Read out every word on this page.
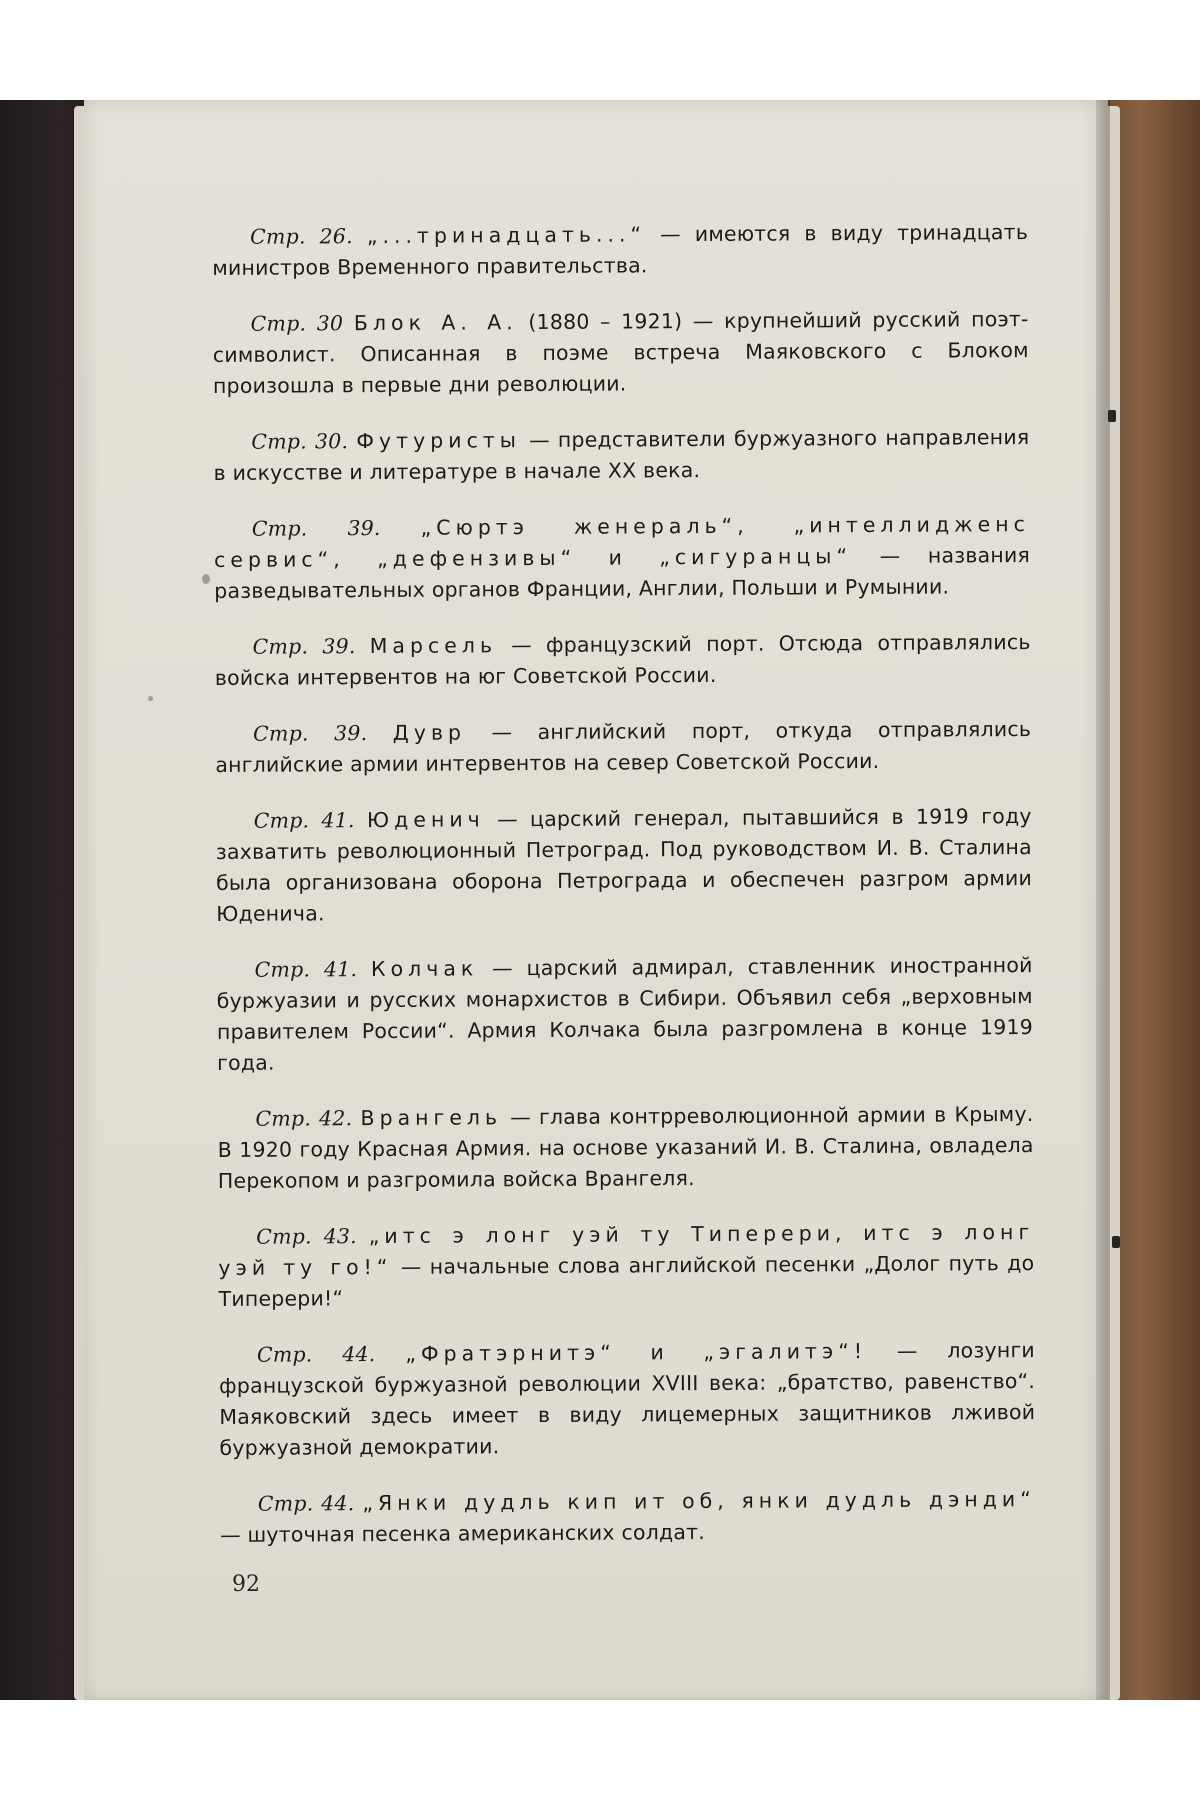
Стр. 26. „...тринадцать...“ — имеются в виду тринадцать министров Временного правительства.

Стр. 30 Блок А. А. (1880 – 1921) — крупнейший русский поэт-символист. Описанная в поэме встреча Маяковского с Блоком произошла в первые дни революции.

Стр. 30. Футуристы — представители буржуазного направления в искусстве и литературе в начале XX века.

Стр. 39. „Сюртэ женераль“, „интеллидженс сервис“, „дефензивы“ и „сигуранцы“ — названия разведывательных органов Франции, Англии, Польши и Румынии.

Стр. 39. Марсель — французский порт. Отсюда отправлялись войска интервентов на юг Советской России.

Стр. 39. Дувр — английский порт, откуда отправлялись английские армии интервентов на север Советской России.

Стр. 41. Юденич — царский генерал, пытавшийся в 1919 году захватить революционный Петроград. Под руководством И. В. Сталина была организована оборона Петрограда и обеспечен разгром армии Юденича.

Стр. 41. Колчак — царский адмирал, ставленник иностранной буржуазии и русских монархистов в Сибири. Объявил себя „верховным правителем России“. Армия Колчака была разгромлена в конце 1919 года.

Стр. 42. Врангель — глава контрреволюционной армии в Крыму. В 1920 году Красная Армия. на основе указаний И. В. Сталина, овладела Перекопом и разгромила войска Врангеля.

Стр. 43. „итс э лонг уэй ту Типерери, итс э лонг уэй ту го!“ — начальные слова английской песенки „Долог путь до Типерери!“

Стр. 44. „Фратэрнитэ“ и „эгалитэ“! — лозунги французской буржуазной революции XVIII века: „братство, равенство“. Маяковский здесь имеет в виду лицемерных защитников лживой буржуазной демократии.

Стр. 44. „Янки дудль кип ит об, янки дудль дэнди“ — шуточная песенка американских солдат.

92
